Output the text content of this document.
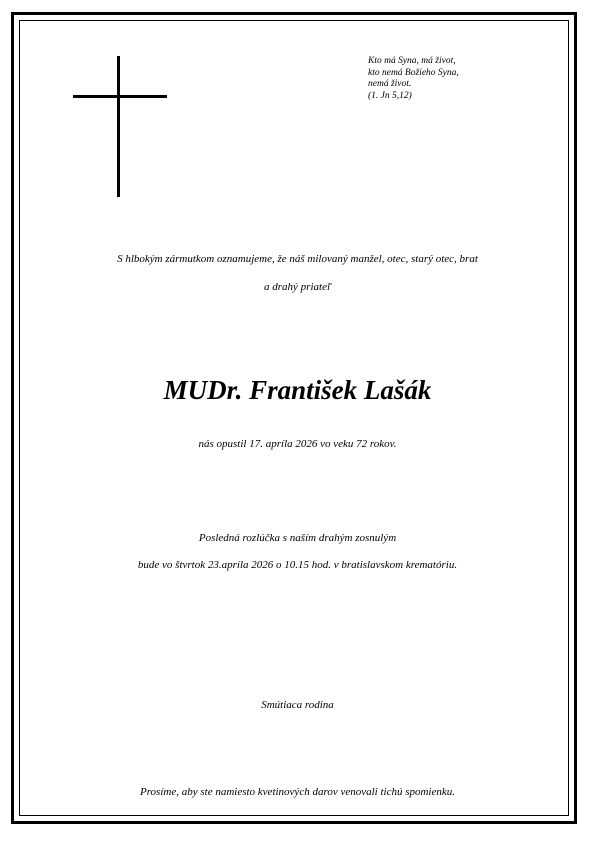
Kto má Syna, má život,
kto nemá Božieho Syna,
nemá život.
(1. Jn 5,12)
S hlbokým zármutkom oznamujeme, že náš milovaný manžel, otec, starý otec, brat
a drahý priateľ
MUDr. František Lašák
nás opustil 17. apríla 2026 vo veku 72 rokov.
Posledná rozlúčka s naším drahým zosnulým
bude vo štvrtok 23.apríla 2026 o 10.15 hod. v bratislavskom krematóriu.
Smútiaca rodina
Prosíme, aby ste namiesto kvetinových darov venovali tichú spomienku.
